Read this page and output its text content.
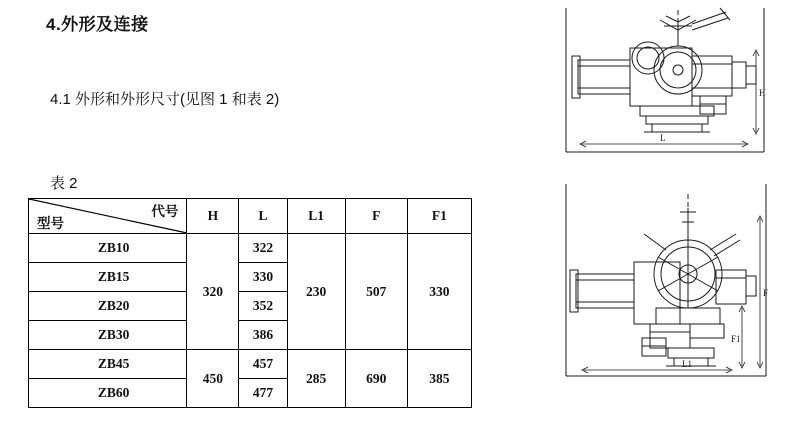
4.外形及连接
4.1 外形和外形尺寸(见图 1 和表 2)
表 2
型号
代号	H	L	L1	F	F1
ZB10	320	322	230	507	330
ZB15		330			
ZB20		352			
ZB30		386			
ZB45	450	457	285	690	385
ZB60		477			
H
L
F
F1
L1
